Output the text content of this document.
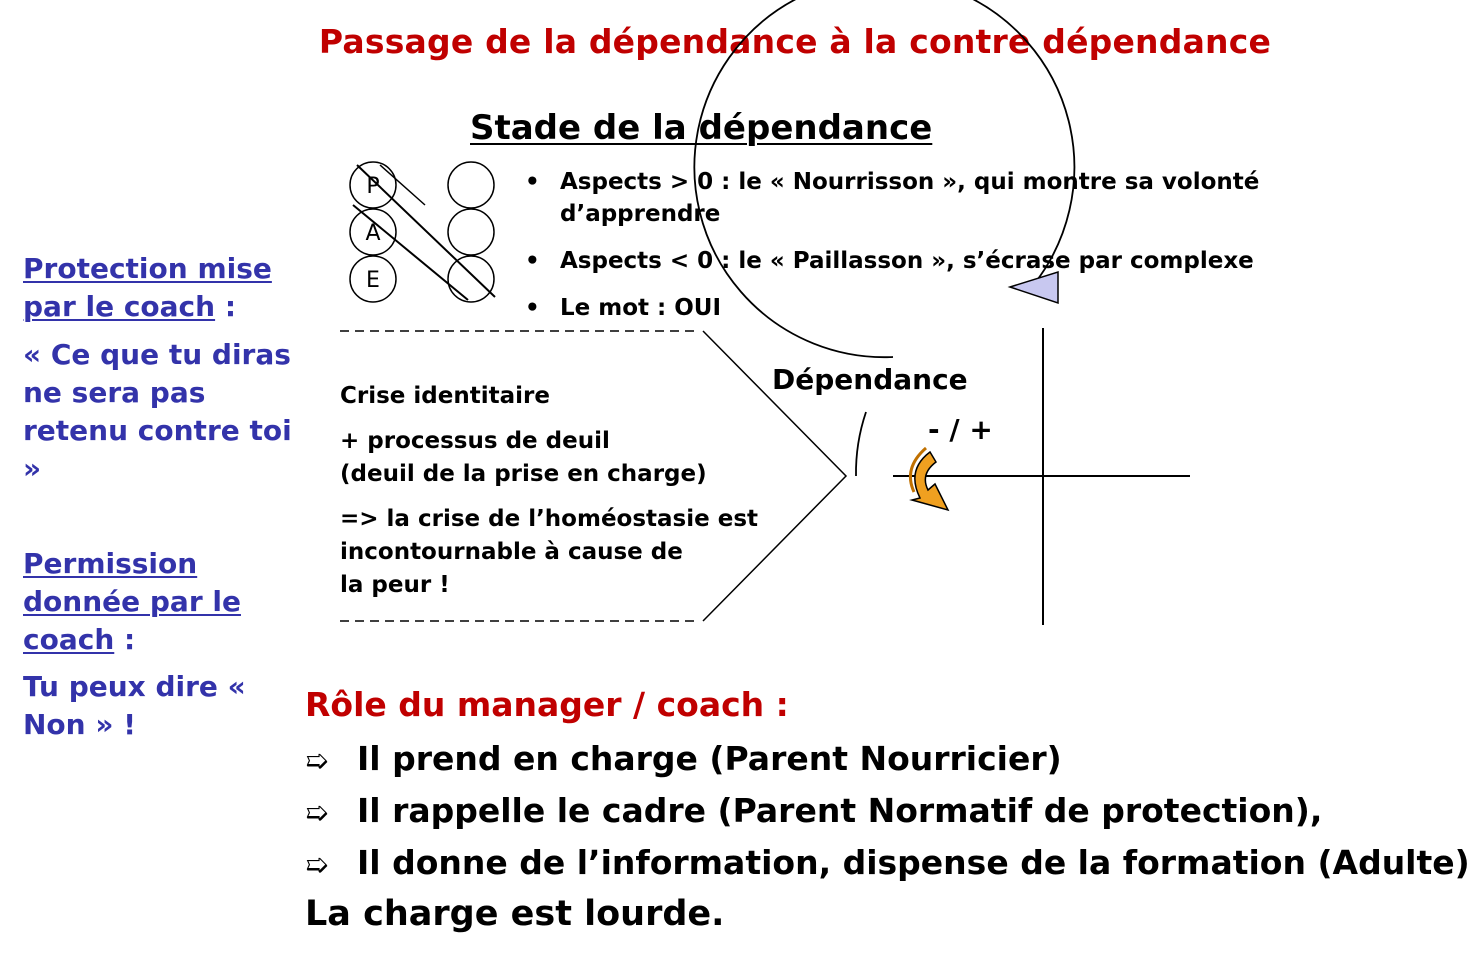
Passage de la dépendance à la contre dépendance
Stade de la dépendance
Protection mise par le coach :
« Ce que tu diras ne sera pas retenu contre toi »
Permission donnée par le coach :
Tu peux dire « Non » !
P
A
E
• Aspects > 0 : le « Nourrisson », qui montre sa volonté d’apprendre
• Aspects < 0 : le « Paillasson », s’écrase par complexe
• Le mot : OUI

Crise identitaire

+ processus de deuil
(deuil de la prise en charge)

=> la crise de l’homéostasie est
incontournable à cause de
la peur !

Dépendance
- / +
Rôle du manager / coach :
➯ Il prend en charge (Parent Nourricier)
➯ Il rappelle le cadre (Parent Normatif de protection),
➯ Il donne de l’information, dispense de la formation (Adulte)
La charge est lourde.
